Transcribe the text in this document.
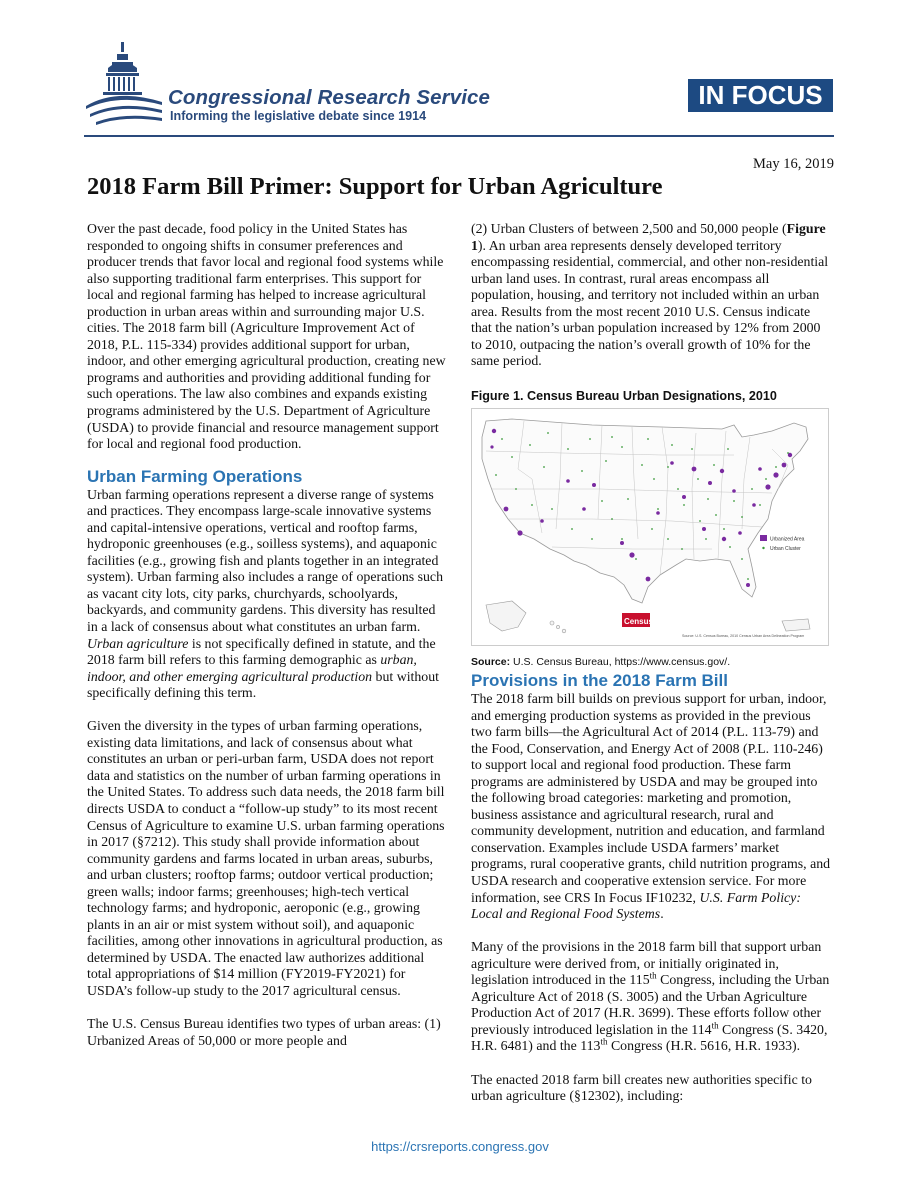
Congressional Research Service
Informing the legislative debate since 1914
IN FOCUS
May 16, 2019
2018 Farm Bill Primer: Support for Urban Agriculture

Over the past decade, food policy in the United States has responded to ongoing shifts in consumer preferences and producer trends that favor local and regional food systems while also supporting traditional farm enterprises. This support for local and regional farming has helped to increase agricultural production in urban areas within and surrounding major U.S. cities. The 2018 farm bill (Agriculture Improvement Act of 2018, P.L. 115-334) provides additional support for urban, indoor, and other emerging agricultural production, creating new programs and authorities and providing additional funding for such operations. The law also combines and expands existing programs administered by the U.S. Department of Agriculture (USDA) to provide financial and resource management support for local and regional food production.

Urban Farming Operations

Urban farming operations represent a diverse range of systems and practices. They encompass large-scale innovative systems and capital-intensive operations, vertical and rooftop farms, hydroponic greenhouses (e.g., soilless systems), and aquaponic facilities (e.g., growing fish and plants together in an integrated system). Urban farming also includes a range of operations such as vacant city lots, city parks, churchyards, schoolyards, backyards, and community gardens. This diversity has resulted in a lack of consensus about what constitutes an urban farm. Urban agriculture is not specifically defined in statute, and the 2018 farm bill refers to this farming demographic as urban, indoor, and other emerging agricultural production but without specifically defining this term.

Given the diversity in the types of urban farming operations, existing data limitations, and lack of consensus about what constitutes an urban or peri-urban farm, USDA does not report data and statistics on the number of urban farming operations in the United States. To address such data needs, the 2018 farm bill directs USDA to conduct a “follow-up study” to its most recent Census of Agriculture to examine U.S. urban farming operations in 2017 (§7212). This study shall provide information about community gardens and farms located in urban areas, suburbs, and urban clusters; rooftop farms; outdoor vertical production; green walls; indoor farms; greenhouses; high-tech vertical technology farms; and hydroponic, aeroponic (e.g., growing plants in an air or mist system without soil), and aquaponic facilities, among other innovations in agricultural production, as determined by USDA. The enacted law authorizes additional total appropriations of $14 million (FY2019-FY2021) for USDA’s follow-up study to the 2017 agricultural census.

The U.S. Census Bureau identifies two types of urban areas: (1) Urbanized Areas of 50,000 or more people and

(2) Urban Clusters of between 2,500 and 50,000 people (Figure 1). An urban area represents densely developed territory encompassing residential, commercial, and other non-residential urban land uses. In contrast, rural areas encompass all population, housing, and territory not included within an urban area. Results from the most recent 2010 U.S. Census indicate that the nation’s urban population increased by 12% from 2000 to 2010, outpacing the nation’s overall growth of 10% for the same period.

Figure 1. Census Bureau Urban Designations, 2010

Urbanized Area
Urban Cluster
Census
Source: U.S. Census Bureau, 2010 Census Urban Area Delineation Program

Source: U.S. Census Bureau, https://www.census.gov/.

Provisions in the 2018 Farm Bill

The 2018 farm bill builds on previous support for urban, indoor, and emerging production systems as provided in the previous two farm bills—the Agricultural Act of 2014 (P.L. 113-79) and the Food, Conservation, and Energy Act of 2008 (P.L. 110-246) to support local and regional food production. These farm programs are administered by USDA and may be grouped into the following broad categories: marketing and promotion, business assistance and agricultural research, rural and community development, nutrition and education, and farmland conservation. Examples include USDA farmers’ market programs, rural cooperative grants, child nutrition programs, and USDA research and cooperative extension service. For more information, see CRS In Focus IF10232, U.S. Farm Policy: Local and Regional Food Systems.

Many of the provisions in the 2018 farm bill that support urban agriculture were derived from, or initially originated in, legislation introduced in the 115th Congress, including the Urban Agriculture Act of 2018 (S. 3005) and the Urban Agriculture Production Act of 2017 (H.R. 3699). These efforts follow other previously introduced legislation in the 114th Congress (S. 3420, H.R. 6481) and the 113th Congress (H.R. 5616, H.R. 1933).

The enacted 2018 farm bill creates new authorities specific to urban agriculture (§12302), including:

https://crsreports.congress.gov
